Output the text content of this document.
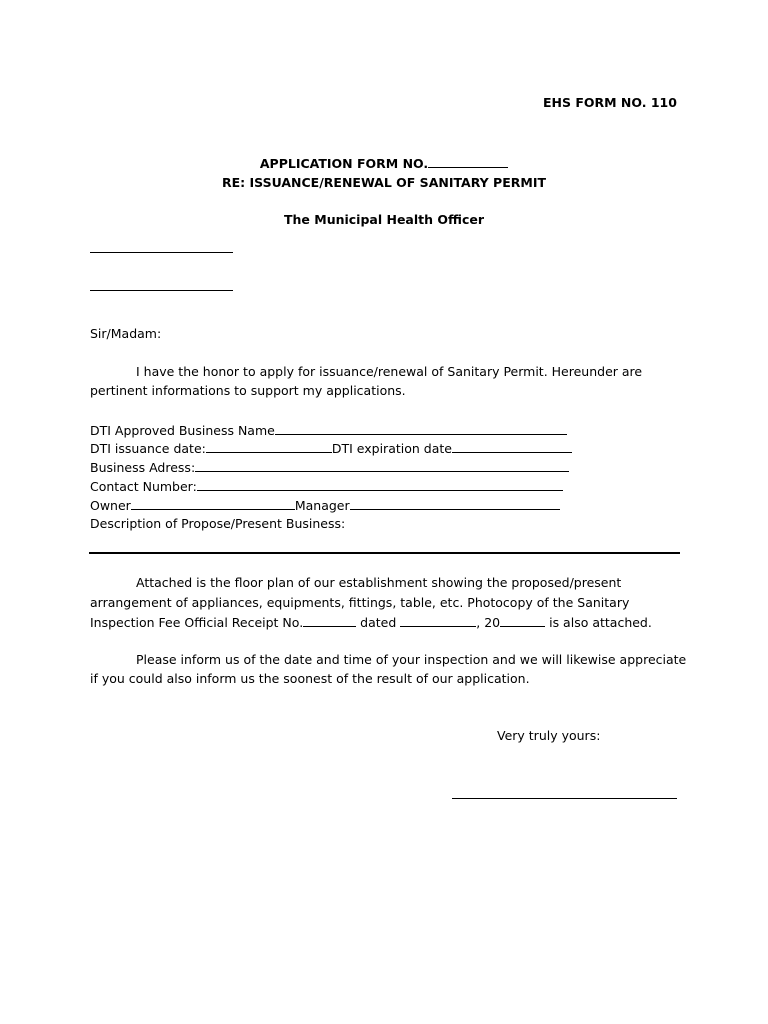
EHS FORM NO. 110
APPLICATION FORM NO.
RE: ISSUANCE/RENEWAL OF SANITARY PERMIT
The Municipal Health Officer
Sir/Madam:
I have the honor to apply for issuance/renewal of Sanitary Permit. Hereunder are
pertinent informations to support my applications.
DTI Approved Business Name
DTI issuance date:	DTI expiration date
Business Adress:
Contact Number:
Owner	Manager
Description of Propose/Present Business:
Attached is the floor plan of our establishment showing the proposed/present
arrangement of appliances, equipments, fittings, table, etc. Photocopy of the Sanitary
Inspection Fee Official Receipt No.	dated	, 20	is also attached.
Please inform us of the date and time of your inspection and we will likewise appreciate
if you could also inform us the soonest of the result of our application.
Very truly yours:
